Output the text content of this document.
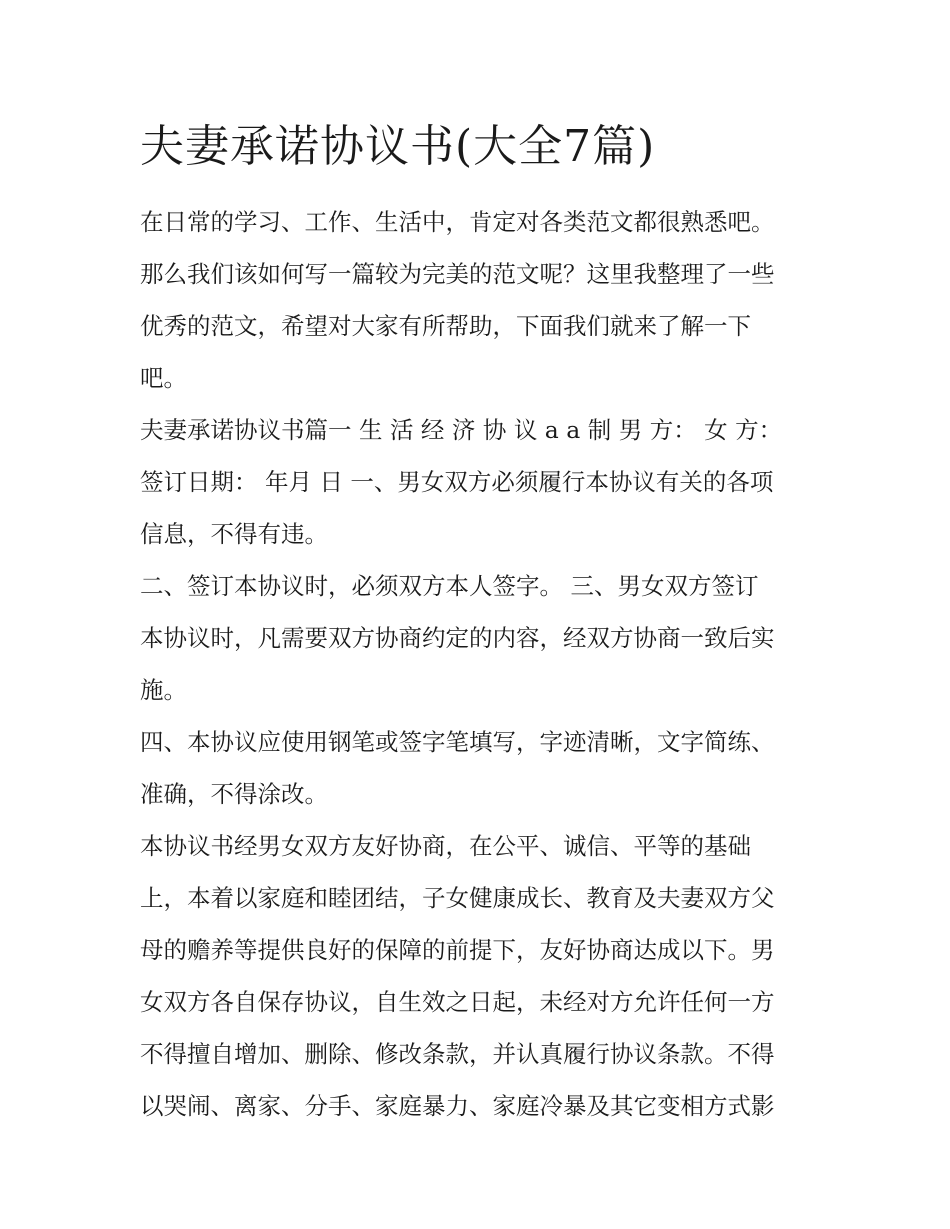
夫妻承诺协议书(大全7篇)
在日常的学习、工作、生活中，肯定对各类范文都很熟悉吧。
那么我们该如何写一篇较为完美的范文呢？这里我整理了一些
优秀的范文，希望对大家有所帮助，下面我们就来了解一下
吧。
夫妻承诺协议书篇一 生 活 经 济 协 议 a a 制 男 方： 女 方：
签订日期： 年月 日 一、男女双方必须履行本协议有关的各项
信息，不得有违。
二、签订本协议时，必须双方本人签字。 三、男女双方签订
本协议时，凡需要双方协商约定的内容，经双方协商一致后实
施。
四、本协议应使用钢笔或签字笔填写，字迹清晰，文字简练、
准确，不得涂改。
本协议书经男女双方友好协商，在公平、诚信、平等的基础
上，本着以家庭和睦团结，子女健康成长、教育及夫妻双方父
母的赡养等提供良好的保障的前提下，友好协商达成以下。男
女双方各自保存协议，自生效之日起，未经对方允许任何一方
不得擅自增加、删除、修改条款，并认真履行协议条款。不得
以哭闹、离家、分手、家庭暴力、家庭冷暴及其它变相方式影
